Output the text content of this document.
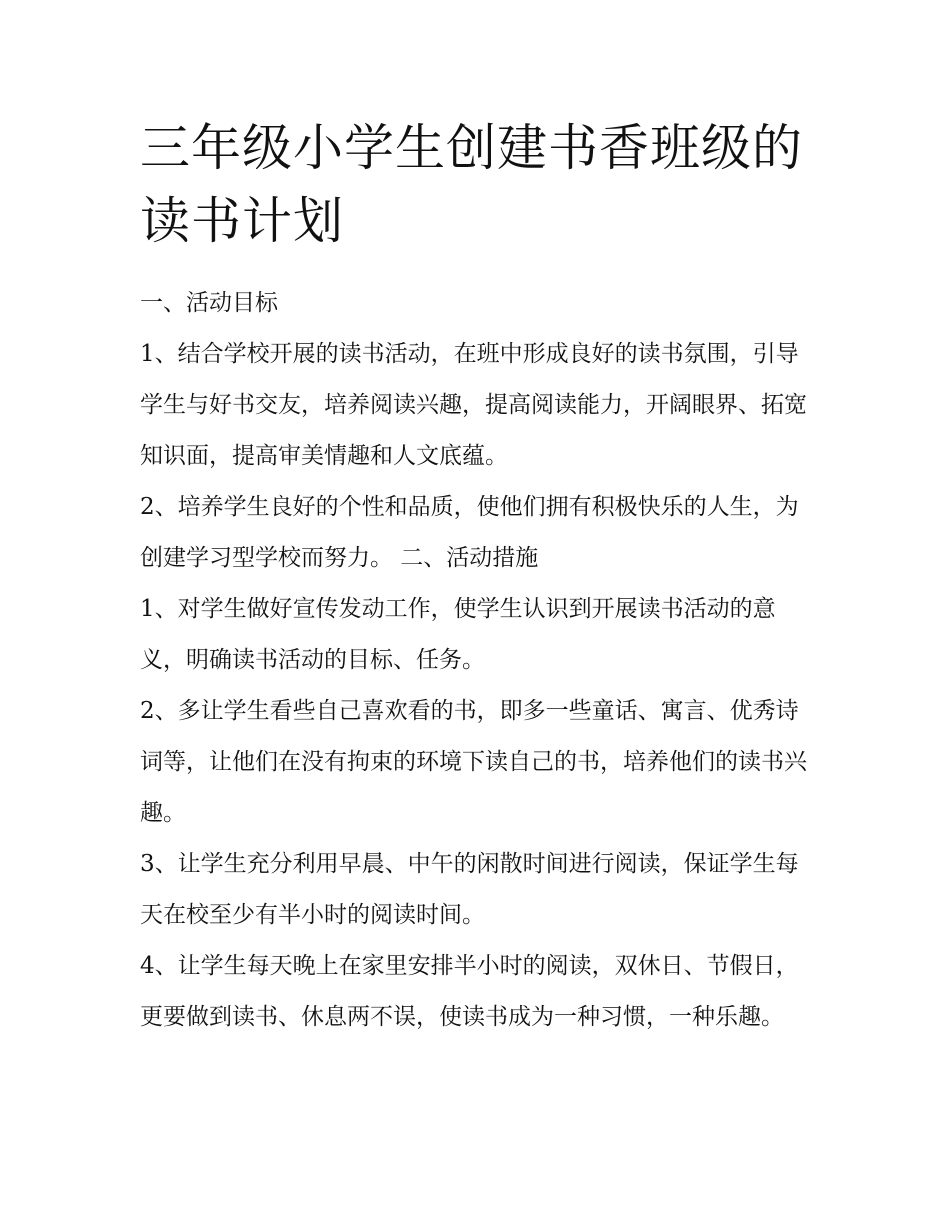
三年级小学生创建书香班级的
读书计划

一、活动目标

1、结合学校开展的读书活动，在班中形成良好的读书氛围，引导学生与好书交友，培养阅读兴趣，提高阅读能力，开阔眼界、拓宽知识面，提高审美情趣和人文底蕴。

2、培养学生良好的个性和品质，使他们拥有积极快乐的人生，为创建学习型学校而努力。 二、活动措施

1、对学生做好宣传发动工作，使学生认识到开展读书活动的意义，明确读书活动的目标、任务。

2、多让学生看些自己喜欢看的书，即多一些童话、寓言、优秀诗词等，让他们在没有拘束的环境下读自己的书，培养他们的读书兴趣。

3、让学生充分利用早晨、中午的闲散时间进行阅读，保证学生每天在校至少有半小时的阅读时间。

4、让学生每天晚上在家里安排半小时的阅读，双休日、节假日，更要做到读书、休息两不误，使读书成为一种习惯，一种乐趣。
